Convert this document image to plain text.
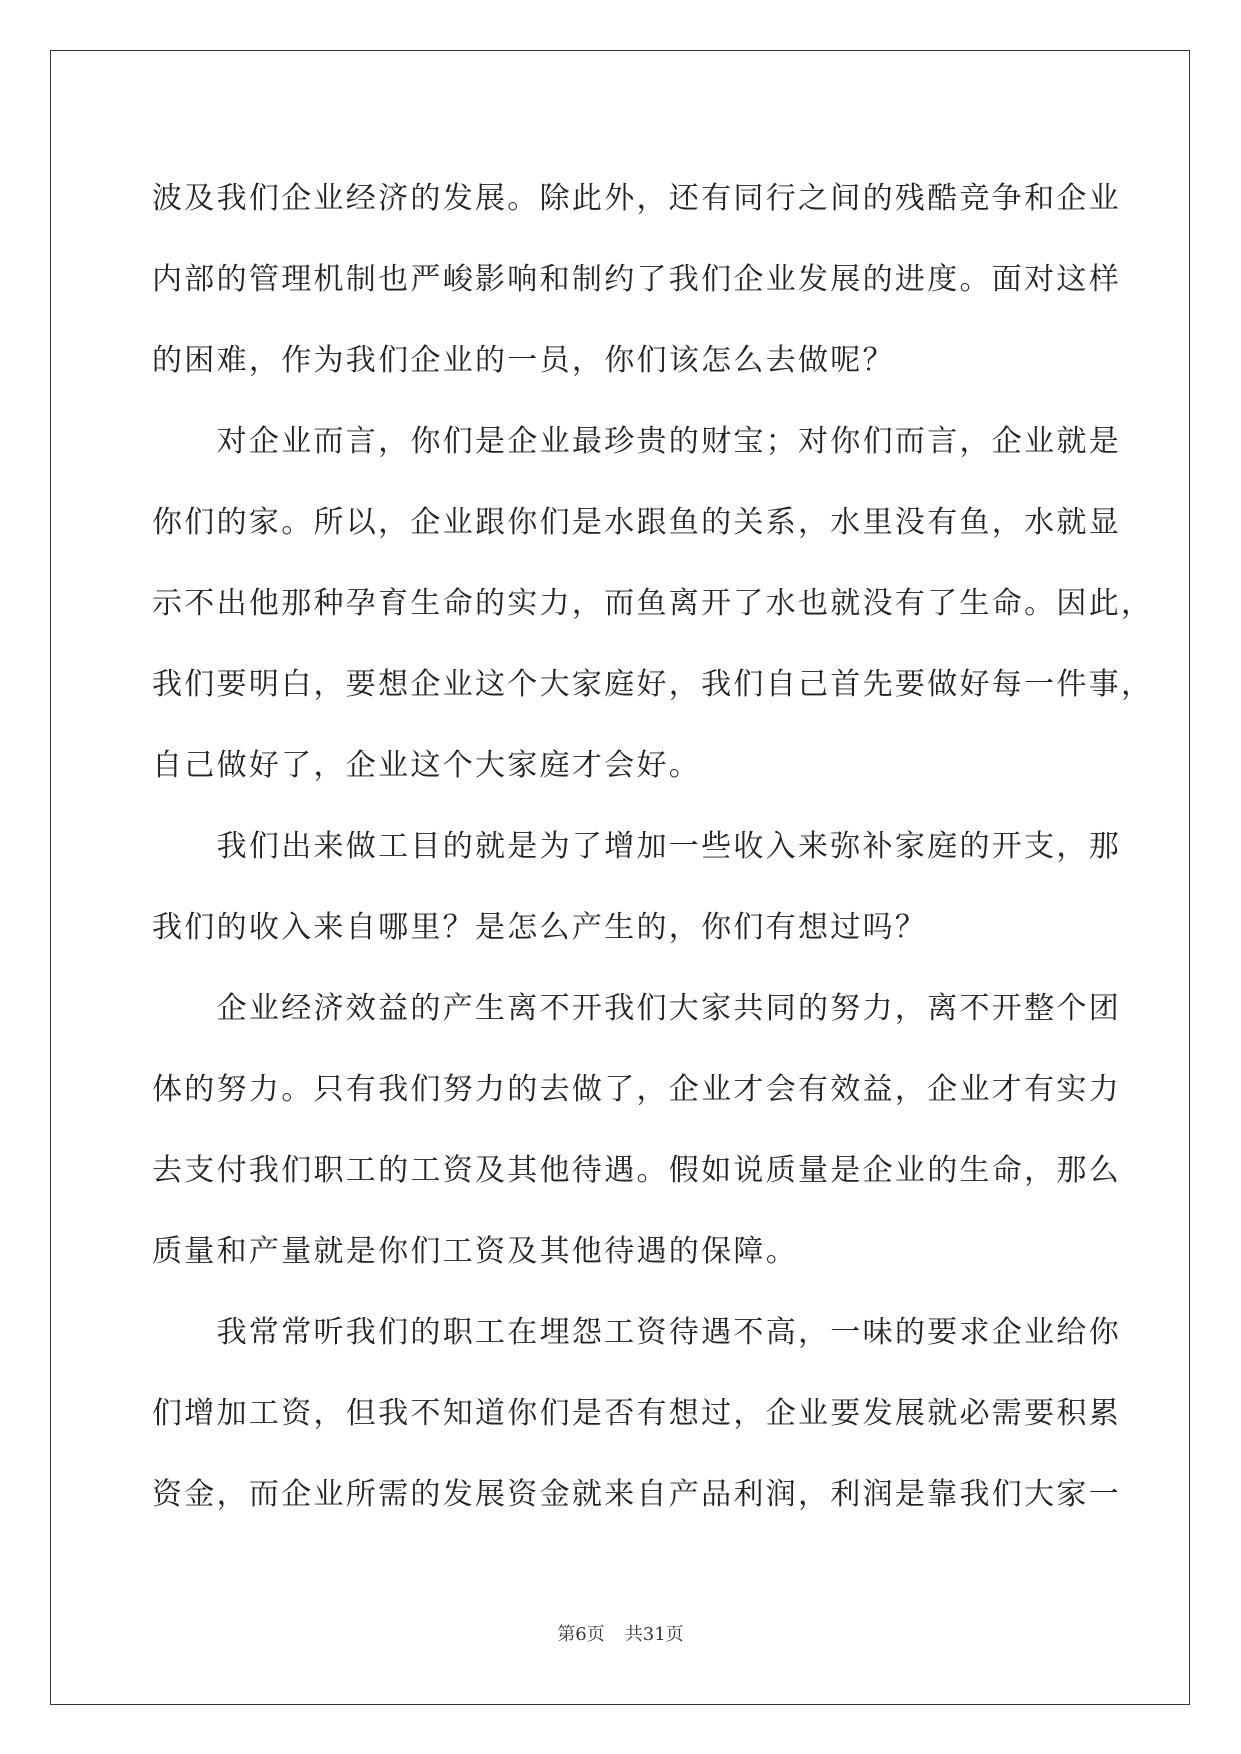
波及我们企业经济的发展。除此外，还有同行之间的残酷竞争和企业
内部的管理机制也严峻影响和制约了我们企业发展的进度。面对这样
的困难，作为我们企业的一员，你们该怎么去做呢？
　　对企业而言，你们是企业最珍贵的财宝；对你们而言，企业就是
你们的家。所以，企业跟你们是水跟鱼的关系，水里没有鱼，水就显
示不出他那种孕育生命的实力，而鱼离开了水也就没有了生命。因此，
我们要明白，要想企业这个大家庭好，我们自己首先要做好每一件事，
自己做好了，企业这个大家庭才会好。
　　我们出来做工目的就是为了增加一些收入来弥补家庭的开支，那
我们的收入来自哪里？是怎么产生的，你们有想过吗？
　　企业经济效益的产生离不开我们大家共同的努力，离不开整个团
体的努力。只有我们努力的去做了，企业才会有效益，企业才有实力
去支付我们职工的工资及其他待遇。假如说质量是企业的生命，那么
质量和产量就是你们工资及其他待遇的保障。
　　我常常听我们的职工在埋怨工资待遇不高，一味的要求企业给你
们增加工资，但我不知道你们是否有想过，企业要发展就必需要积累
资金，而企业所需的发展资金就来自产品利润，利润是靠我们大家一
第6页 共31页
